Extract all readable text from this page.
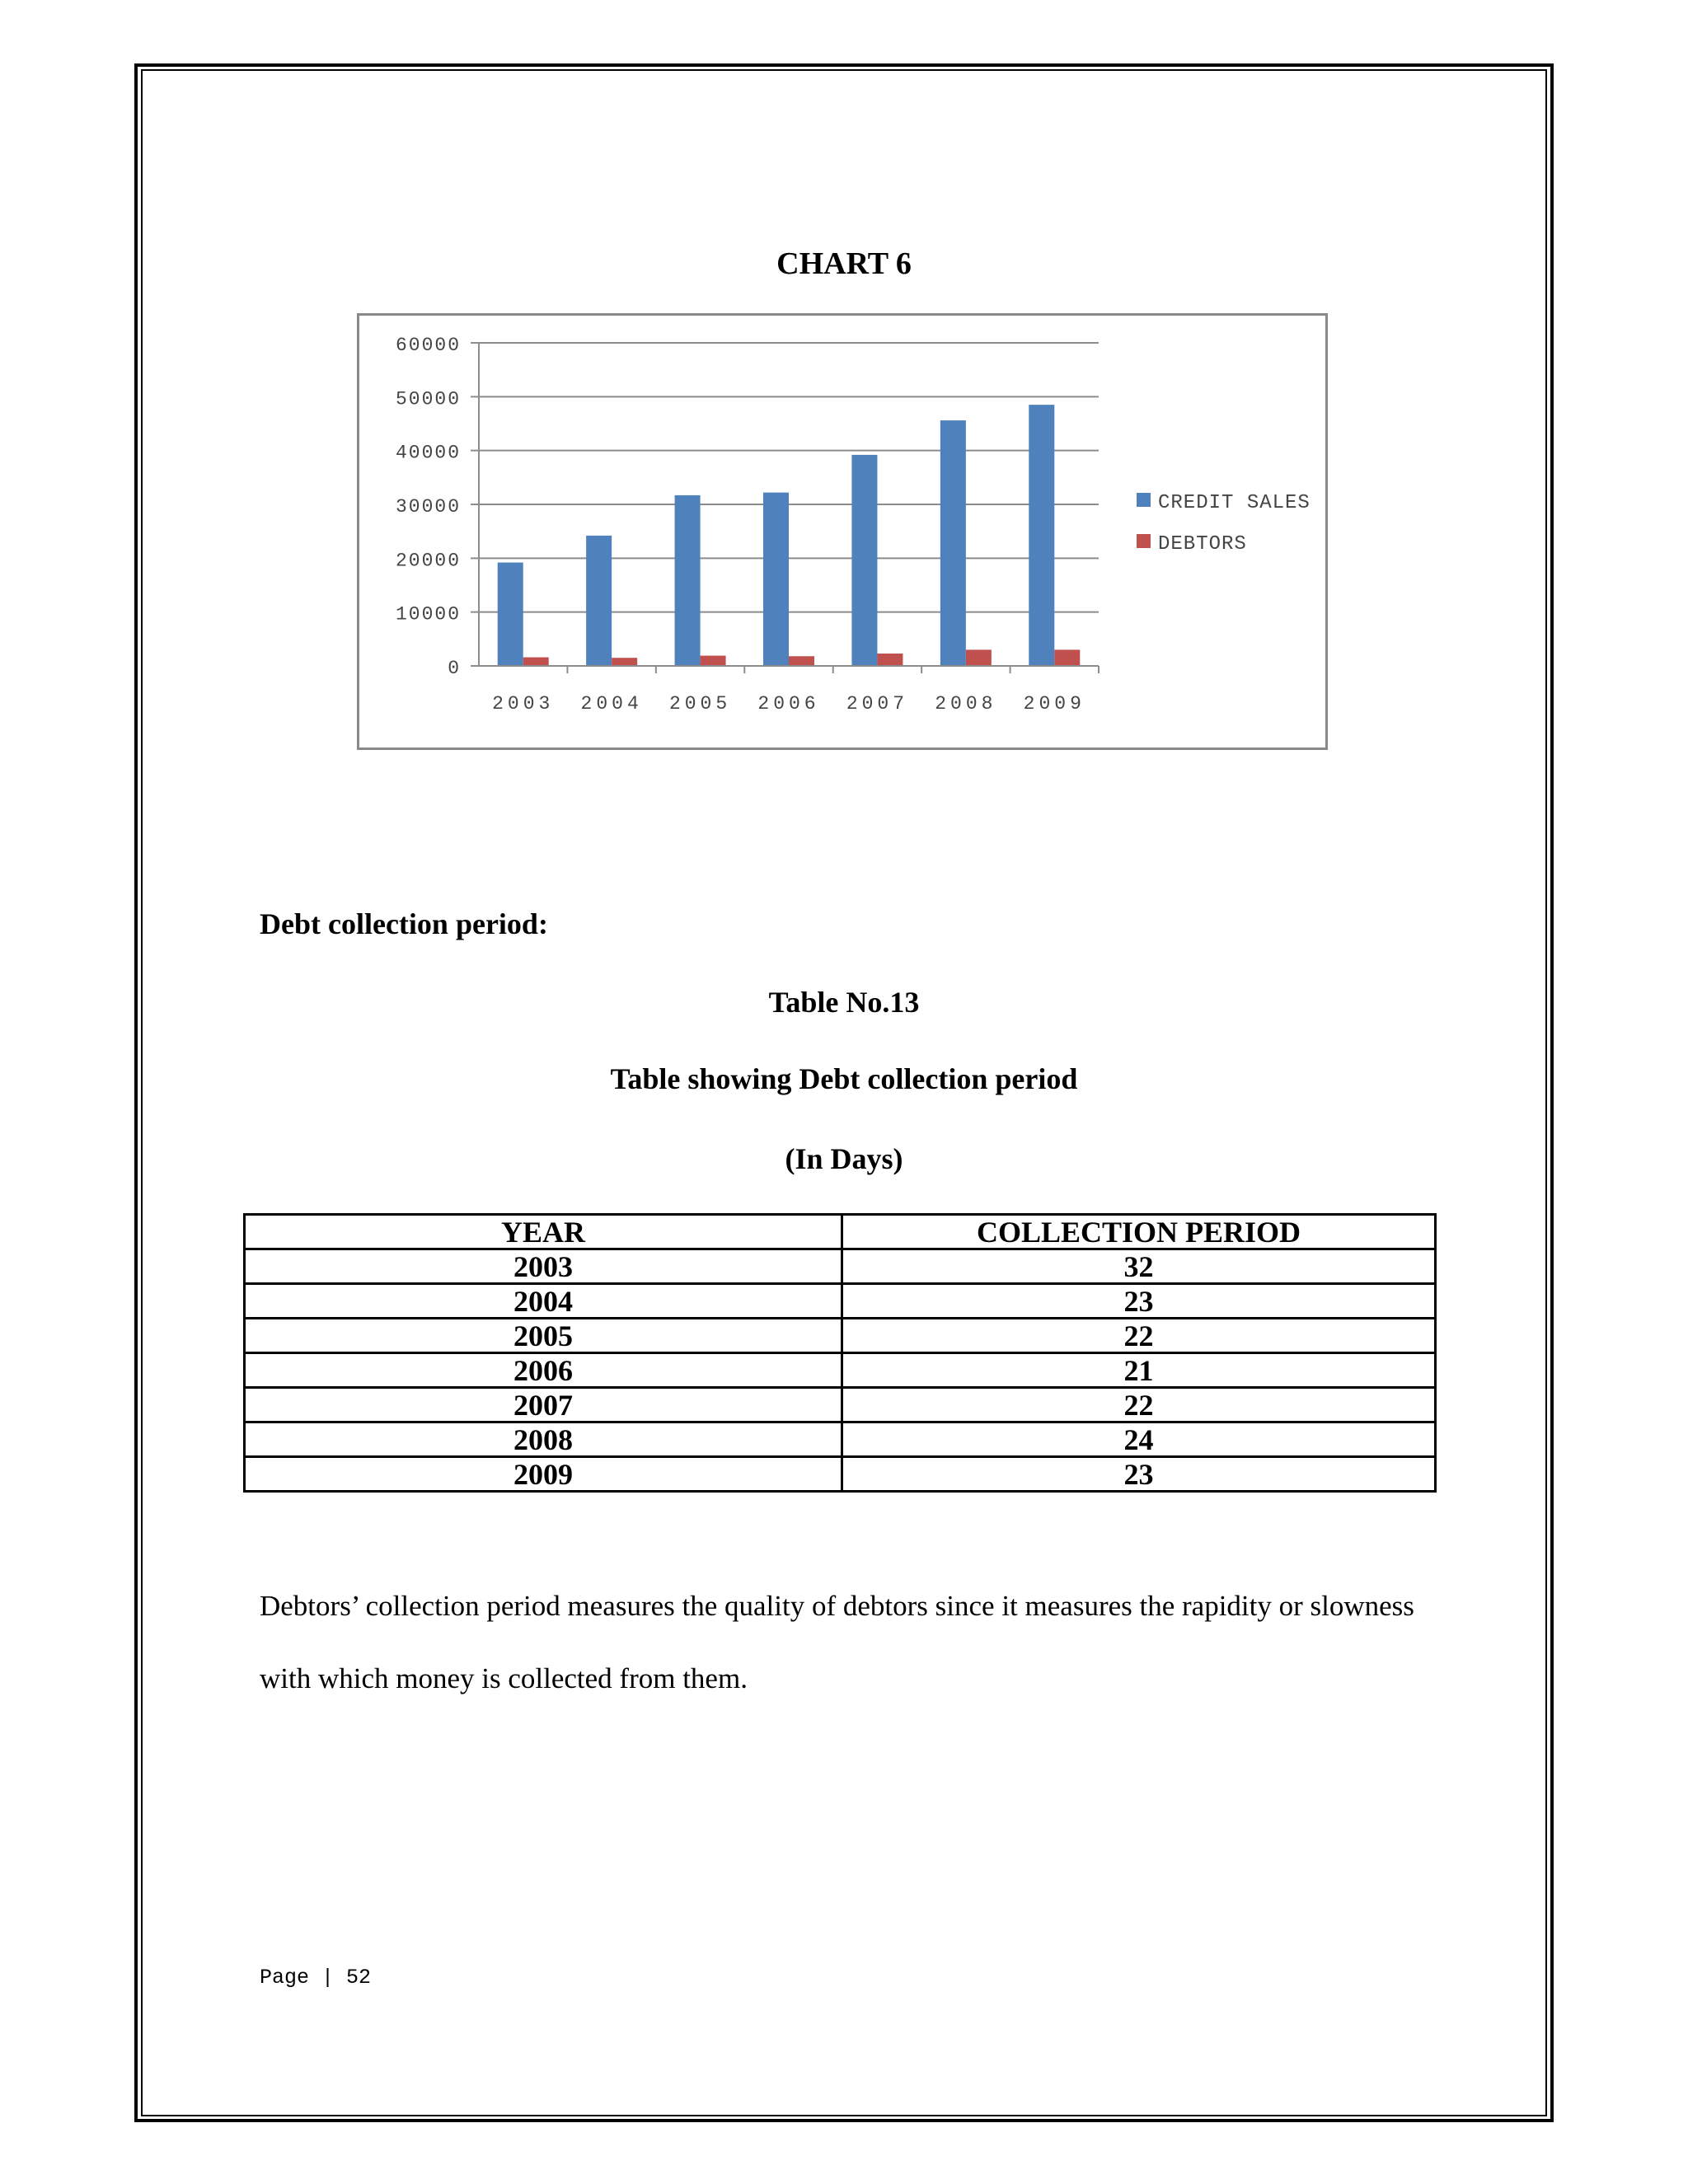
CHART 6
0
10000
20000
30000
40000
50000
60000
2003 2004 2005 2006 2007 2008 2009
CREDIT SALES
DEBTORS
Debt collection period:
Table No.13
Table showing Debt collection period
(In Days)
YEAR	COLLECTION PERIOD
2003	32
2004	23
2005	22
2006	21
2007	22
2008	24
2009	23
Debtors’ collection period measures the quality of debtors since it measures the rapidity or slowness with which money is collected from them.
Page | 52
